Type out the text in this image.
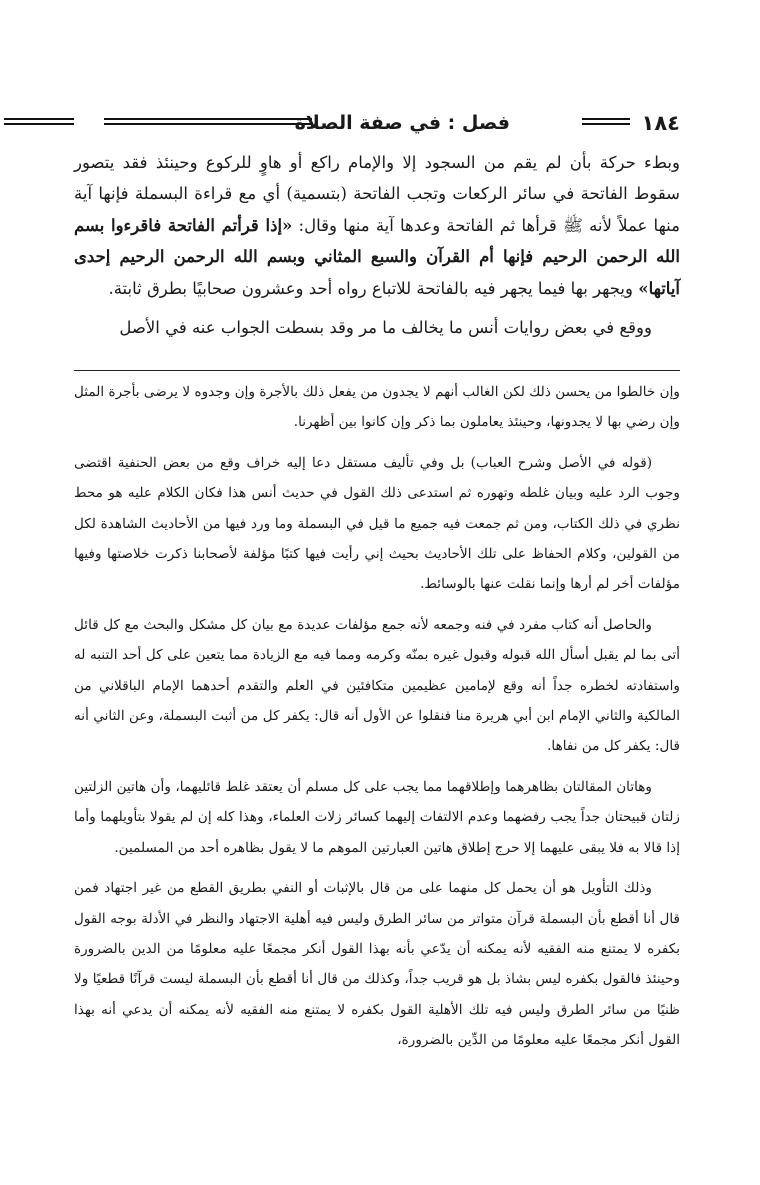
١٨٤
فصل : في صفة الصلاة

وبطء حركة بأن لم يقم من السجود إلا والإمام راكع أو هاوٍ للركوع وحينئذ فقد يتصور سقوط الفاتحة في سائر الركعات وتجب الفاتحة (بتسمية) أي مع قراءة البسملة فإنها آية منها عملاً لأنه ﷺ قرأها ثم الفاتحة وعدها آية منها وقال: «إذا قرأتم الفاتحة فاقرءوا بسم الله الرحمن الرحيم فإنها أم القرآن والسبع المثاني وبسم الله الرحمن الرحيم إحدى آياتها» ويجهر بها فيما يجهر فيه بالفاتحة للاتباع رواه أحد وعشرون صحابيًا بطرق ثابتة.

ووقع في بعض روايات أنس ما يخالف ما مر وقد بسطت الجواب عنه في الأصل

وإن خالطوا من يحسن ذلك لكن الغالب أنهم لا يجدون من يفعل ذلك بالأجرة وإن وجدوه لا يرضى بأجرة المثل وإن رضي بها لا يجدونها، وحينئذ يعاملون بما ذكر وإن كانوا بين أظهرنا.

(قوله في الأصل وشرح العباب) بل وفي تأليف مستقل دعا إليه خراف وقع من بعض الحنفية اقتضى وجوب الرد عليه وبيان غلطه وتهوره ثم استدعى ذلك القول في حديث أنس هذا فكان الكلام عليه هو محط نظري في ذلك الكتاب، ومن ثم جمعت فيه جميع ما قيل في البسملة وما ورد فيها من الأحاديث الشاهدة لكل من القولين، وكلام الحفاظ على تلك الأحاديث بحيث إني رأيت فيها كتبًا مؤلفة لأصحابنا ذكرت خلاصتها وفيها مؤلفات أخر لم أرها وإنما نقلت عنها بالوسائط.

والحاصل أنه كتاب مفرد في فنه وجمعه لأنه جمع مؤلفات عديدة مع بيان كل مشكل والبحث مع كل قائل أتى بما لم يقبل أسأل الله قبوله وقبول غيره بمنّه وكرمه ومما فيه مع الزيادة مما يتعين على كل أحد التنبه له واستفادته لخطره جداً أنه وقع لإمامين عظيمين متكافئين في العلم والتقدم أحدهما الإمام الباقلاني من المالكية والثاني الإمام ابن أبي هريرة منا فنقلوا عن الأول أنه قال: يكفر كل من أثبت البسملة، وعن الثاني أنه قال: يكفر كل من نفاها.

وهاتان المقالتان بظاهرهما وإطلاقهما مما يجب على كل مسلم أن يعتقد غلط قائليهما، وأن هاتين الزلتين زلتان قبيحتان جداً يجب رفضهما وعدم الالتفات إليهما كسائر زلات العلماء، وهذا كله إن لم يقولا بتأويلهما وأما إذا قالا به فلا يبقى عليهما إلا حرج إطلاق هاتين العبارتين الموهم ما لا يقول بظاهره أحد من المسلمين.

وذلك التأويل هو أن يحمل كل منهما على من قال بالإثبات أو النفي بطريق القطع من غير اجتهاد فمن قال أنا أقطع بأن البسملة قرآن متواتر من سائر الطرق وليس فيه أهلية الاجتهاد والنظر في الأدلة بوجه القول بكفره لا يمتنع منه الفقيه لأنه يمكنه أن يدّعي بأنه بهذا القول أنكر مجمعًا عليه معلومًا من الدين بالضرورة وحينئذ فالقول بكفره ليس بشاذ بل هو قريب جداً، وكذلك من قال أنا أقطع بأن البسملة ليست قرآنًا قطعيًا ولا ظنيًا من سائر الطرق وليس فيه تلك الأهلية القول بكفره لا يمتنع منه الفقيه لأنه يمكنه أن يدعي أنه بهذا القول أنكر مجمعًا عليه معلومًا من الدِّين بالضرورة،
